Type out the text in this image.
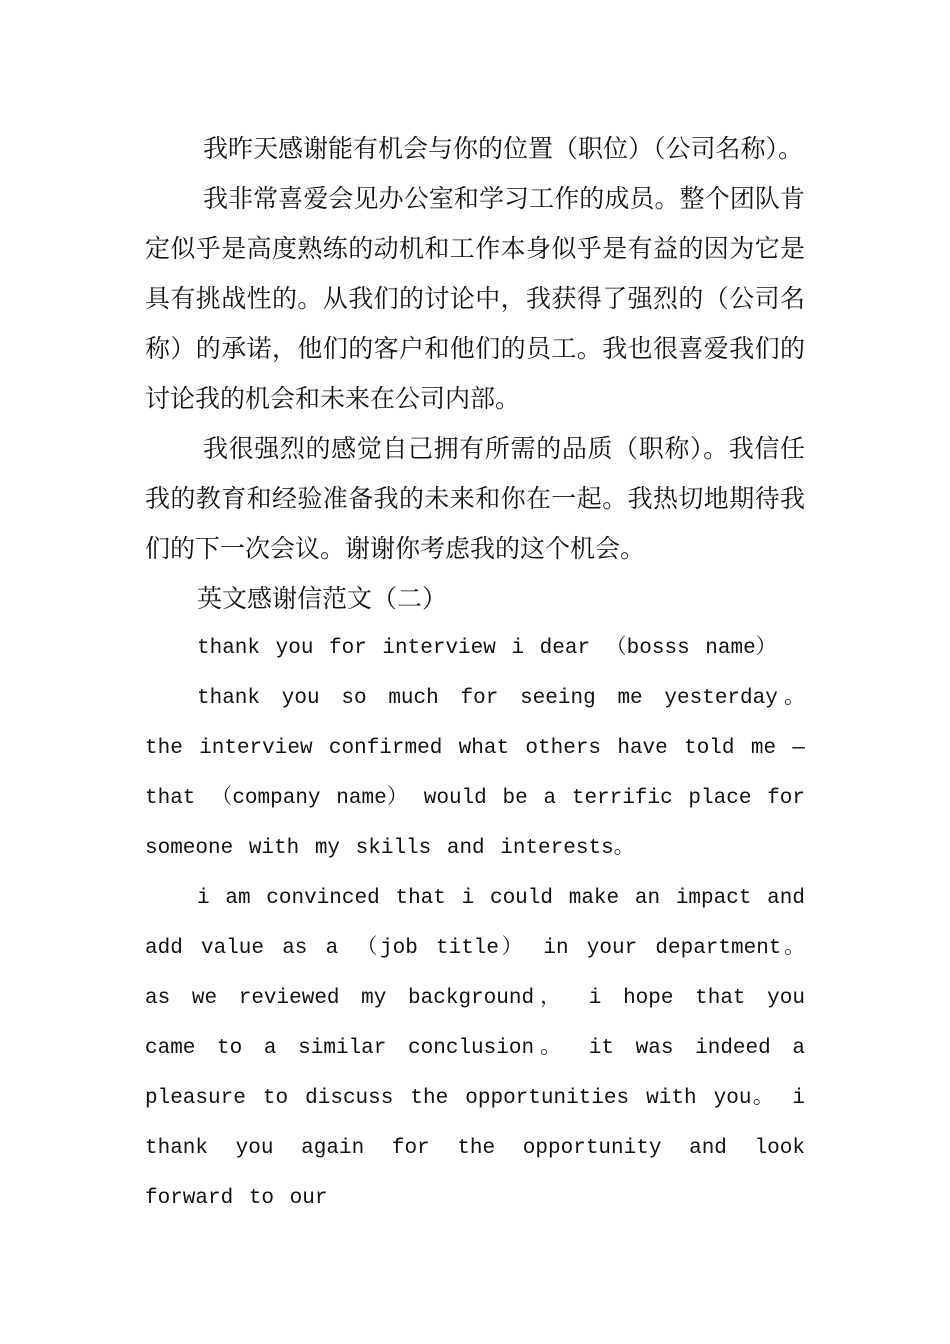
我昨天感谢能有机会与你的位置（职位）（公司名称）。

我非常喜爱会见办公室和学习工作的成员。整个团队肯定似乎是高度熟练的动机和工作本身似乎是有益的因为它是具有挑战性的。从我们的讨论中，我获得了强烈的（公司名称）的承诺，他们的客户和他们的员工。我也很喜爱我们的讨论我的机会和未来在公司内部。

我很强烈的感觉自己拥有所需的品质（职称）。我信任我的教育和经验准备我的未来和你在一起。我热切地期待我们的下一次会议。谢谢你考虑我的这个机会。

英文感谢信范文（二）

thank you for interview i dear （bosss name）

thank you so much for seeing me yesterday。 the interview confirmed what others have told me — that （company name） would be a terrific place for someone with my skills and interests。

i am convinced that i could make an impact and add value as a （job title） in your department。 as we reviewed my background， i hope that you came to a similar conclusion。 it was indeed a pleasure to discuss the opportunities with you。 i thank you again for the opportunity and look forward to our
